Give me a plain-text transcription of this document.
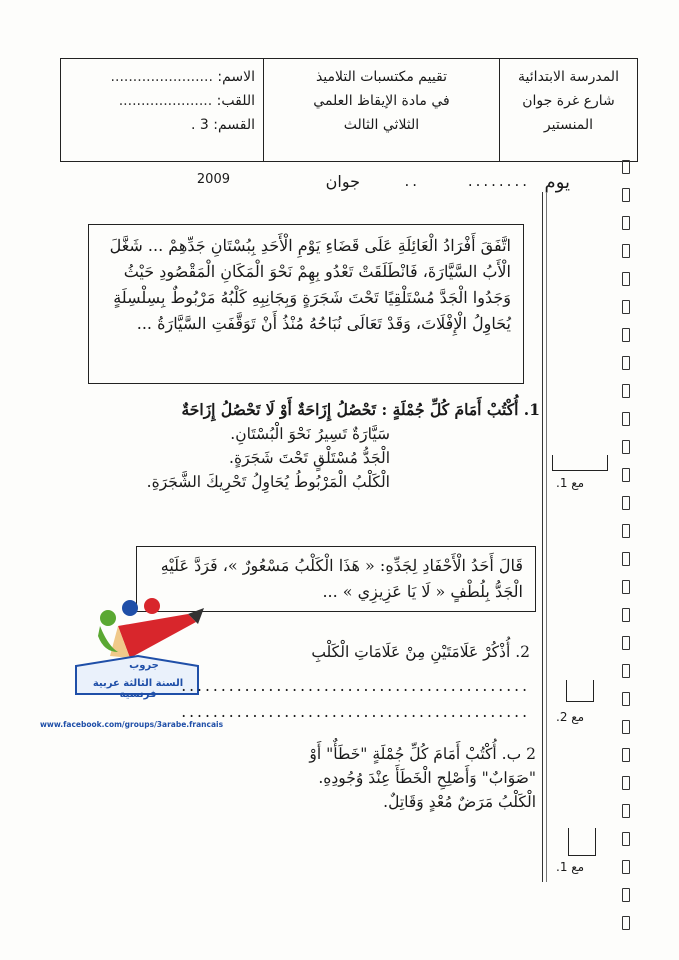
المدرسة الابتدائية
شارع غرة جوان
المنستير
تقييم مكتسبات التلاميذ
في مادة الإيقاظ العلمي
الثلاثي الثالث
الاسم: .......................
اللقب: .....................
القسم: 3 .
يوم
........
..
جوان
2009
اتَّفَقَ أَفْرَادُ الْعَائِلَةِ عَلَى قَضَاءِ يَوْمِ الْأَحَدِ بِبُسْتَانِ جَدِّهِمْ ... شَغَّلَ الْأَبُ السَّيَّارَةَ، فَانْطَلَقَتْ تَعْدُو بِهِمْ نَحْوَ الْمَكَانِ الْمَقْصُودِ حَيْثُ وَجَدُوا الْجَدَّ مُسْتَلْقِيًا تَحْتَ شَجَرَةٍ وَبِجَانِبِهِ كَلْبُهُ مَرْبُوطٌ بِسِلْسِلَةٍ يُحَاوِلُ الْإِفْلَاتَ، وَقَدْ تَعَالَى نُبَاحُهُ مُنْذُ أَنْ تَوَقَّفَتِ السَّيَّارَةُ ...
1. أُكْتُبْ أَمَامَ كُلِّ جُمْلَةٍ : تَحْصُلُ إِزَاحَةٌ أَوْ لَا تَحْصُلُ إِزَاحَةٌ
سَيَّارَةٌ تَسِيرُ نَحْوَ الْبُسْتَانِ.
الْجَدُّ مُسْتَلْقٍ تَحْتَ شَجَرَةٍ.
الْكَلْبُ الْمَرْبُوطُ يُحَاوِلُ تَحْرِيكَ الشَّجَرَةِ.	مع 1.
قَالَ أَحَدُ الْأَحْفَادِ لِجَدِّهِ: « هَذَا الْكَلْبُ مَسْعُورٌ »، فَرَدَّ عَلَيْهِ الْجَدُّ بِلُطْفٍ « لَا يَا عَزِيزِي » ...
جروب
السنة الثالثة عربية فرنسية
www.facebook.com/groups/3arabe.francais
2. أُذْكُرْ عَلَامَتَيْنِ مِنْ عَلَامَاتِ الْكَلْبِ
............................................
............................................ مع 2.
2 ب. أُكْتُبْ أَمَامَ كُلِّ جُمْلَةٍ "خَطَأٌ" أَوْ "صَوَابٌ" وَأَصْلِحِ الْخَطَأَ عِنْدَ وُجُودِهِ.
الْكَلْبُ مَرَضٌ مُعْدٍ وَقَاتِلٌ.
مع 1.
